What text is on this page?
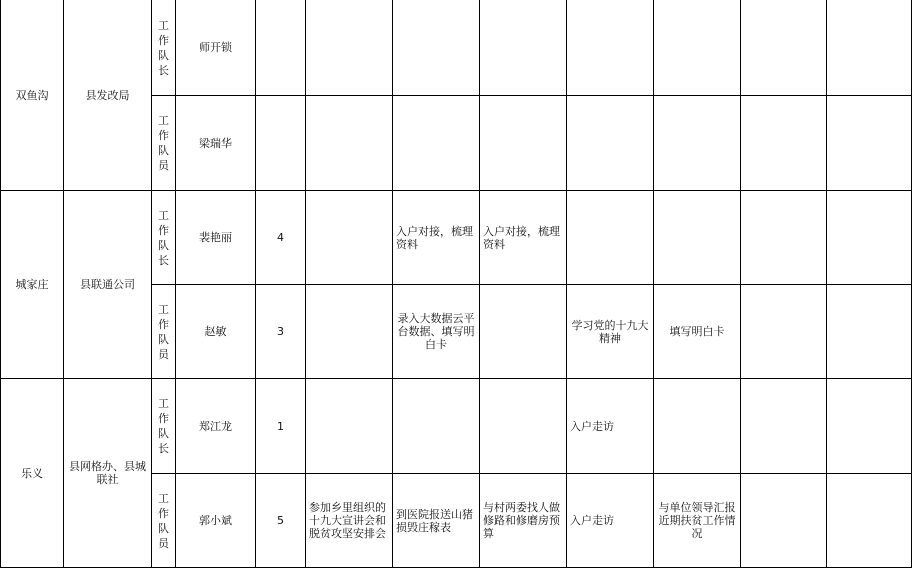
双鱼沟	县发改局	工作队长	师开锁								

		工作队员	梁瑞华								
城家庄	县联通公司	工作队长	裴艳丽	4		入户对接，梳理资料	入户对接，梳理资料				

		工作队员	赵敏	3		录入大数据云平台数据、填写明白卡		学习党的十九大精神	填写明白卡		
乐义	县网格办、县城联社	工作队长	郑江龙	1				入户走访			

		工作队员	郭小斌	5	参加乡里组织的十九大宣讲会和脱贫攻坚安排会	到医院报送山猪损毁庄稼表	与村两委找人做修路和修磨房预算	入户走访	与单位领导汇报近期扶贫工作情况		
